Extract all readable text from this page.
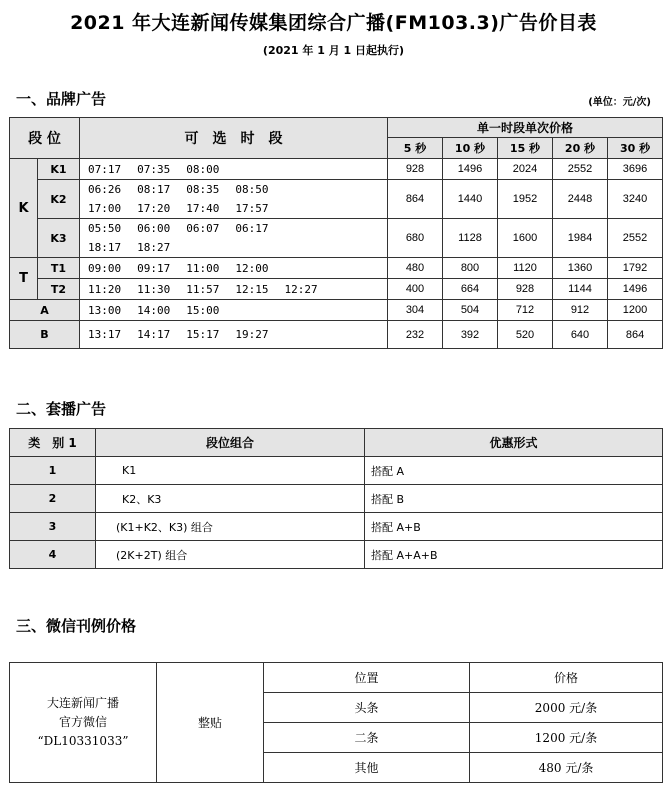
2021 年大连新闻传媒集团综合广播(FM103.3)广告价目表
(2021 年 1 月 1 日起执行)
一、品牌广告	(单位：元/次)
段 位		可　选　时　段	单一时段单次价格				
			5 秒	10 秒	15 秒	20 秒	30 秒
K	K1	07:17 07:35 08:00	928	1496	2024	2552	3696
	K2	06:26 08:17 08:35 08:50
17:00 17:20 17:40 17:57	864	1440	1952	2448	3240
	K3	05:50 06:00 06:07 06:17
18:17 18:27	680	1128	1600	1984	2552
T	T1	09:00 09:17 11:00 12:00	480	800	1120	1360	1792
	T2	11:20 11:30 11:57 12:15 12:27	400	664	928	1144	1496
A		13:00 14:00 15:00	304	504	712	912	1200
B		13:17 14:17 15:17 19:27	232	392	520	640	864
二、套播广告
类　别 1	段位组合	优惠形式
1	K1	搭配 A
2	K2、K3	搭配 B
3	(K1+K2、K3) 组合	搭配 A+B
4	(2K+2T) 组合	搭配 A+A+B
三、微信刊例价格
大连新闻广播
官方微信
“DL10331033”	整贴	位置	价格
		头条	2000 元/条
		二条	1200 元/条
		其他	480 元/条
